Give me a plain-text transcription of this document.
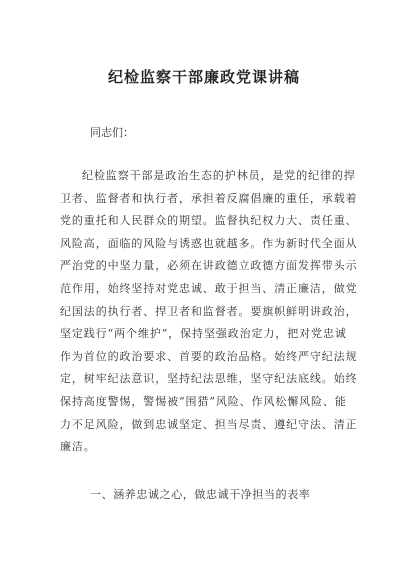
纪检监察干部廉政党课讲稿

同志们：

纪检监察干部是政治生态的护林员，是党的纪律的捍
卫者、监督者和执行者，承担着反腐倡廉的重任，承载着
党的重托和人民群众的期望。监督执纪权力大、责任重、
风险高，面临的风险与诱惑也就越多。作为新时代全面从
严治党的中坚力量，必须在讲政德立政德方面发挥带头示
范作用，始终坚持对党忠诚、敢于担当、清正廉洁，做党
纪国法的执行者、捍卫者和监督者。要旗帜鲜明讲政治，
坚定践行“两个维护”，保持坚强政治定力，把对党忠诚
作为首位的政治要求、首要的政治品格。始终严守纪法规
定，树牢纪法意识，坚持纪法思维，坚守纪法底线。始终
保持高度警惕，警惕被“围猎”风险、作风松懈风险、能
力不足风险，做到忠诚坚定、担当尽责、遵纪守法、清正
廉洁。

一、涵养忠诚之心，做忠诚干净担当的表率
